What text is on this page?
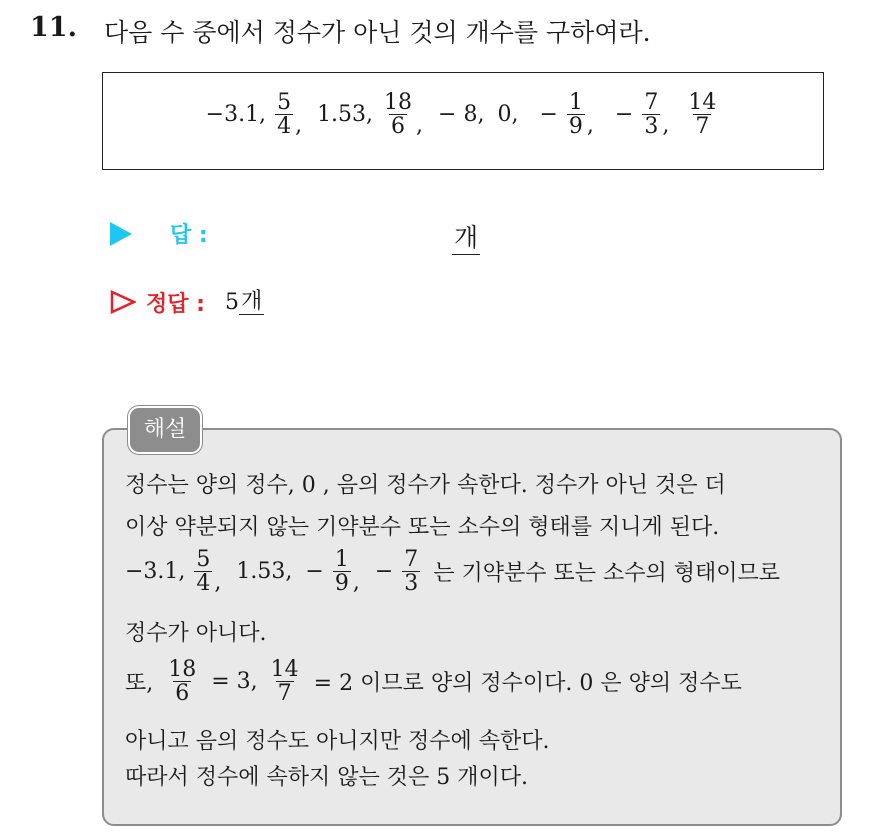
11. 다음 수 중에서 정수가 아닌 것의 개수를 구하여라.
−3.1, $\frac{5}{4}$ , 1.53, $\frac{18}{6}$ , − 8, 0, − $\frac{1}{9}$ , − $\frac{7}{3}$ , $\frac{14}{7}$
답 :	개
정답 : 5개
해설
정수는 양의 정수, 0 , 음의 정수가 속한다. 정수가 아닌 것은 더
이상 약분되지 않는 기약분수 또는 소수의 형태를 지니게 된다.
−3.1, $\frac{5}{4}$ , 1.53, − $\frac{1}{9}$ , − $\frac{7}{3}$ 는 기약분수 또는 소수의 형태이므로
정수가 아니다.
또, $\frac{18}{6} = 3$, $\frac{14}{7} = 2$ 이므로 양의 정수이다. 0 은 양의 정수도
아니고 음의 정수도 아니지만 정수에 속한다.
따라서 정수에 속하지 않는 것은 5 개이다.
